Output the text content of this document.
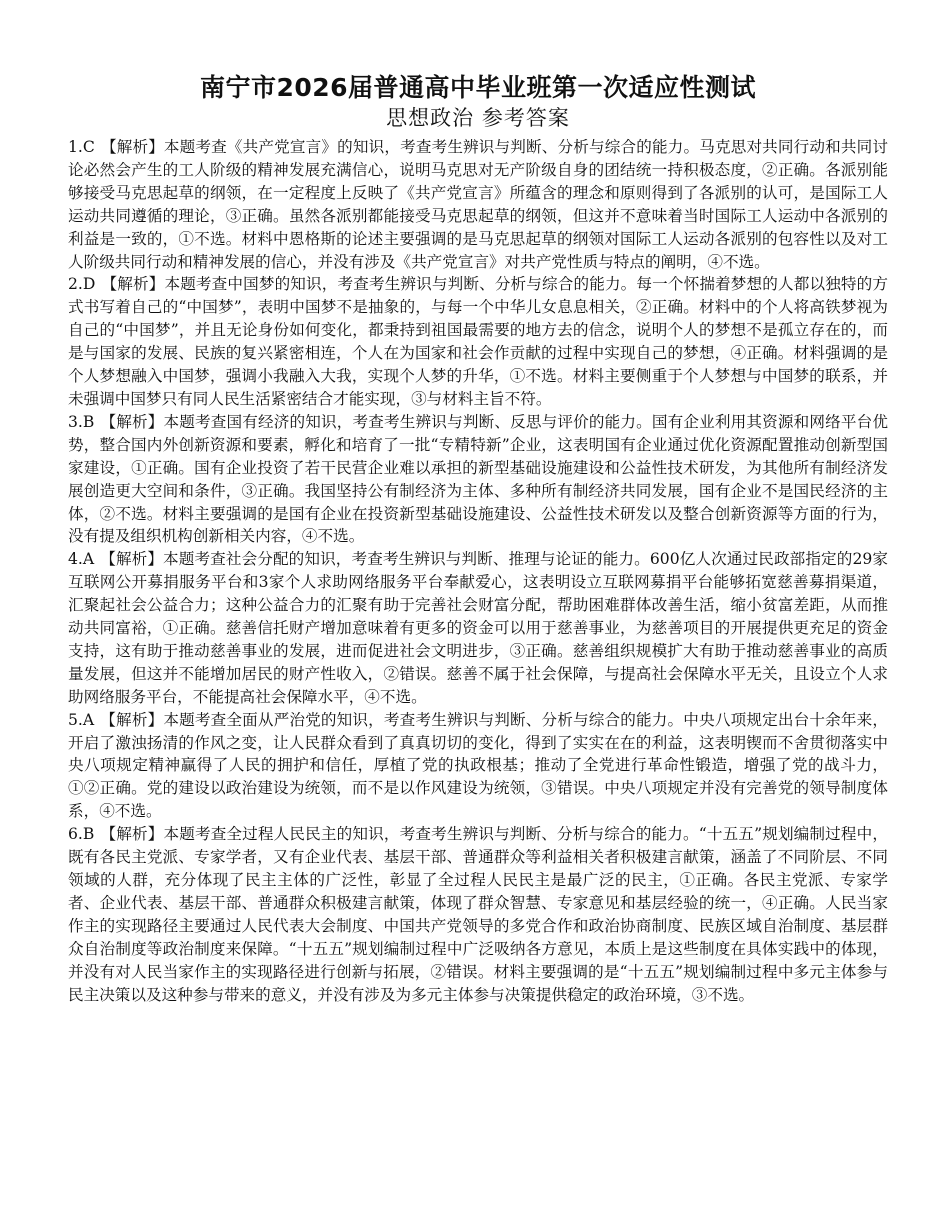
南宁市2026届普通高中毕业班第一次适应性测试
思想政治 参考答案

1.C 【解析】本题考查《共产党宣言》的知识，考查考生辨识与判断、分析与综合的能力。马克思对共同行动和共同讨论必然会产生的工人阶级的精神发展充满信心，说明马克思对无产阶级自身的团结统一持积极态度，②正确。各派别能够接受马克思起草的纲领，在一定程度上反映了《共产党宣言》所蕴含的理念和原则得到了各派别的认可，是国际工人运动共同遵循的理论，③正确。虽然各派别都能接受马克思起草的纲领，但这并不意味着当时国际工人运动中各派别的利益是一致的，①不选。材料中恩格斯的论述主要强调的是马克思起草的纲领对国际工人运动各派别的包容性以及对工人阶级共同行动和精神发展的信心，并没有涉及《共产党宣言》对共产党性质与特点的阐明，④不选。

2.D 【解析】本题考查中国梦的知识，考查考生辨识与判断、分析与综合的能力。每一个怀揣着梦想的人都以独特的方式书写着自己的“中国梦”，表明中国梦不是抽象的，与每一个中华儿女息息相关，②正确。材料中的个人将高铁梦视为自己的“中国梦”，并且无论身份如何变化，都秉持到祖国最需要的地方去的信念，说明个人的梦想不是孤立存在的，而是与国家的发展、民族的复兴紧密相连，个人在为国家和社会作贡献的过程中实现自己的梦想，④正确。材料强调的是个人梦想融入中国梦，强调小我融入大我，实现个人梦的升华，①不选。材料主要侧重于个人梦想与中国梦的联系，并未强调中国梦只有同人民生活紧密结合才能实现，③与材料主旨不符。

3.B 【解析】本题考查国有经济的知识，考查考生辨识与判断、反思与评价的能力。国有企业利用其资源和网络平台优势，整合国内外创新资源和要素，孵化和培育了一批“专精特新”企业，这表明国有企业通过优化资源配置推动创新型国家建设，①正确。国有企业投资了若干民营企业难以承担的新型基础设施建设和公益性技术研发，为其他所有制经济发展创造更大空间和条件，③正确。我国坚持公有制经济为主体、多种所有制经济共同发展，国有企业不是国民经济的主体，②不选。材料主要强调的是国有企业在投资新型基础设施建设、公益性技术研发以及整合创新资源等方面的行为，没有提及组织机构创新相关内容，④不选。

4.A 【解析】本题考查社会分配的知识，考查考生辨识与判断、推理与论证的能力。600亿人次通过民政部指定的29家互联网公开募捐服务平台和3家个人求助网络服务平台奉献爱心，这表明设立互联网募捐平台能够拓宽慈善募捐渠道，汇聚起社会公益合力；这种公益合力的汇聚有助于完善社会财富分配，帮助困难群体改善生活，缩小贫富差距，从而推动共同富裕，①正确。慈善信托财产增加意味着有更多的资金可以用于慈善事业，为慈善项目的开展提供更充足的资金支持，这有助于推动慈善事业的发展，进而促进社会文明进步，③正确。慈善组织规模扩大有助于推动慈善事业的高质量发展，但这并不能增加居民的财产性收入，②错误。慈善不属于社会保障，与提高社会保障水平无关，且设立个人求助网络服务平台，不能提高社会保障水平，④不选。

5.A 【解析】本题考查全面从严治党的知识，考查考生辨识与判断、分析与综合的能力。中央八项规定出台十余年来，开启了激浊扬清的作风之变，让人民群众看到了真真切切的变化，得到了实实在在的利益，这表明锲而不舍贯彻落实中央八项规定精神赢得了人民的拥护和信任，厚植了党的执政根基；推动了全党进行革命性锻造，增强了党的战斗力，①②正确。党的建设以政治建设为统领，而不是以作风建设为统领，③错误。中央八项规定并没有完善党的领导制度体系，④不选。

6.B 【解析】本题考查全过程人民民主的知识，考查考生辨识与判断、分析与综合的能力。“十五五”规划编制过程中，既有各民主党派、专家学者，又有企业代表、基层干部、普通群众等利益相关者积极建言献策，涵盖了不同阶层、不同领域的人群，充分体现了民主主体的广泛性，彰显了全过程人民民主是最广泛的民主，①正确。各民主党派、专家学者、企业代表、基层干部、普通群众积极建言献策，体现了群众智慧、专家意见和基层经验的统一，④正确。人民当家作主的实现路径主要通过人民代表大会制度、中国共产党领导的多党合作和政治协商制度、民族区域自治制度、基层群众自治制度等政治制度来保障。“十五五”规划编制过程中广泛吸纳各方意见，本质上是这些制度在具体实践中的体现，并没有对人民当家作主的实现路径进行创新与拓展，②错误。材料主要强调的是“十五五”规划编制过程中多元主体参与民主决策以及这种参与带来的意义，并没有涉及为多元主体参与决策提供稳定的政治环境，③不选。
